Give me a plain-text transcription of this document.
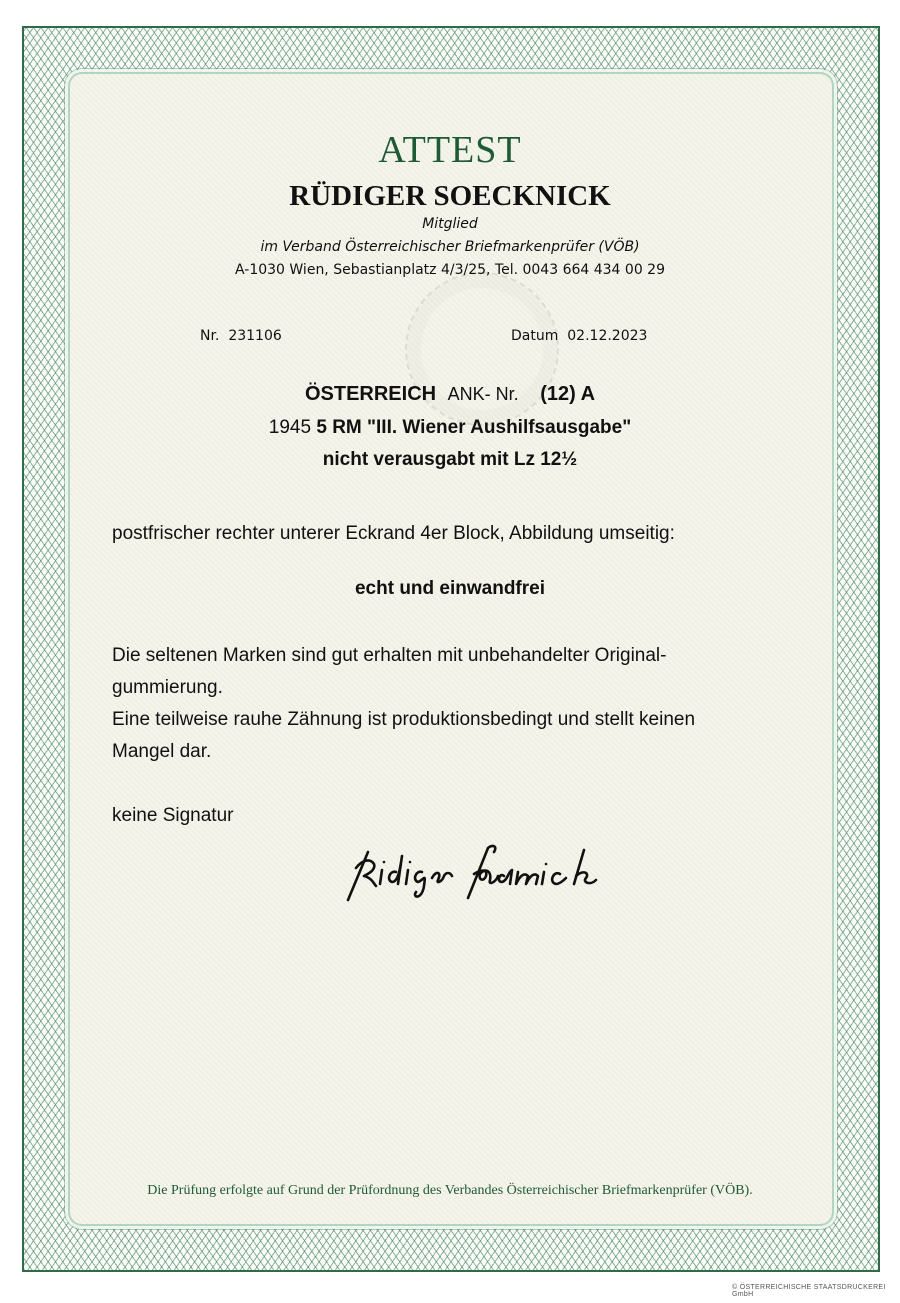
ATTEST
RÜDIGER SOECKNICK
Mitglied
im Verband Österreichischer Briefmarkenprüfer (VÖB)
A-1030 Wien, Sebastianplatz 4/3/25, Tel. 0043 664 434 00 29
Nr. 231106	Datum 02.12.2023
ÖSTERREICH ANK- Nr. (12) A
1945 5 RM "III. Wiener Aushilfsausgabe"
nicht verausgabt mit Lz 12½
postfrischer rechter unterer Eckrand 4er Block, Abbildung umseitig:
echt und einwandfrei
Die seltenen Marken sind gut erhalten mit unbehandelter Original-
gummierung.
Eine teilweise rauhe Zähnung ist produktionsbedingt und stellt keinen
Mangel dar.
keine Signatur
Die Prüfung erfolgte auf Grund der Prüfordnung des Verbandes Österreichischer Briefmarkenprüfer (VÖB).
© ÖSTERREICHISCHE STAATSDRUCKEREI GmbH
